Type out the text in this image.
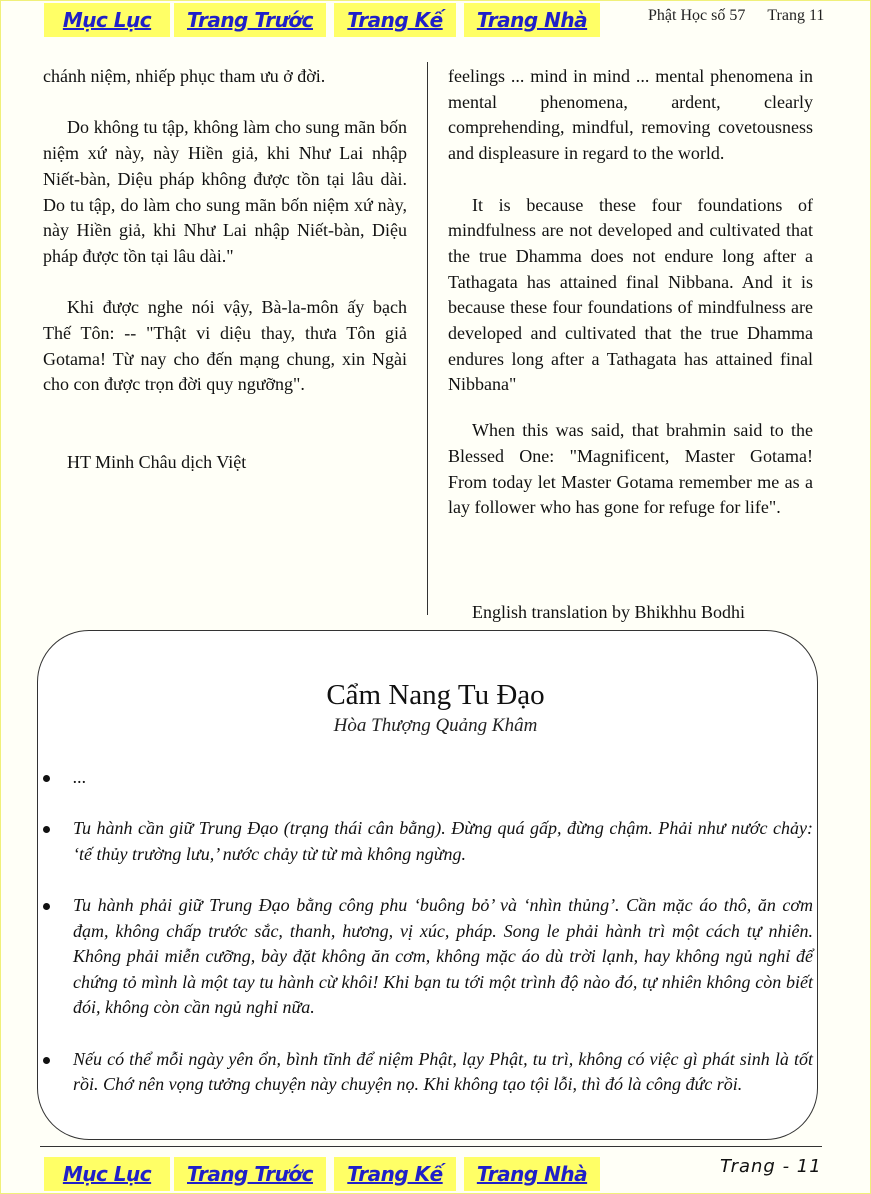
Mục Lục	Trang Trước	Trang Kế	Trang Nhà	Phật Học số 57 Trang 11

chánh niệm, nhiếp phục tham ưu ở đời.

Do không tu tập, không làm cho sung mãn bốn niệm xứ này, này Hiền giả, khi Như Lai nhập Niết-bàn, Diệu pháp không được tồn tại lâu dài. Do tu tập, do làm cho sung mãn bốn niệm xứ này, này Hiền giả, khi Như Lai nhập Niết-bàn, Diệu pháp được tồn tại lâu dài."

Khi được nghe nói vậy, Bà-la-môn ấy bạch Thế Tôn: -- "Thật vi diệu thay, thưa Tôn giả Gotama! Từ nay cho đến mạng chung, xin Ngài cho con được trọn đời quy ngưỡng".

HT Minh Châu dịch Việt

feelings ... mind in mind ... mental phenomena in mental phenomena, ardent, clearly comprehending, mindful, removing covetousness and displeasure in regard to the world.

It is because these four foundations of mindfulness are not developed and cultivated that the true Dhamma does not endure long after a Tathagata has attained final Nibbana. And it is because these four foundations of mindfulness are developed and cultivated that the true Dhamma endures long after a Tathagata has attained final Nibbana"

When this was said, that brahmin said to the Blessed One: "Magnificent, Master Gotama! From today let Master Gotama remember me as a lay follower who has gone for refuge for life".

English translation by Bhikhhu Bodhi
Cẩm Nang Tu Đạo
Hòa Thượng Quảng Khâm
...
Tu hành cần giữ Trung Đạo (trạng thái cân bằng). Đừng quá gấp, đừng chậm. Phải như nước chảy: ‘tế thủy trường lưu,’ nước chảy từ từ mà không ngừng.
Tu hành phải giữ Trung Đạo bằng công phu ‘buông bỏ’ và ‘nhìn thủng’. Cần mặc áo thô, ăn cơm đạm, không chấp trước sắc, thanh, hương, vị xúc, pháp. Song le phải hành trì một cách tự nhiên. Không phải miễn cưỡng, bày đặt không ăn cơm, không mặc áo dù trời lạnh, hay không ngủ nghỉ để chứng tỏ mình là một tay tu hành cừ khôi! Khi bạn tu tới một trình độ nào đó, tự nhiên không còn biết đói, không còn cần ngủ nghỉ nữa.
Nếu có thể mỗi ngày yên ổn, bình tĩnh để niệm Phật, lạy Phật, tu trì, không có việc gì phát sinh là tốt rồi. Chớ nên vọng tưởng chuyện này chuyện nọ. Khi không tạo tội lỗi, thì đó là công đức rồi.
Mục Lục	Trang Trước	Trang Kế	Trang Nhà	Trang - 11
